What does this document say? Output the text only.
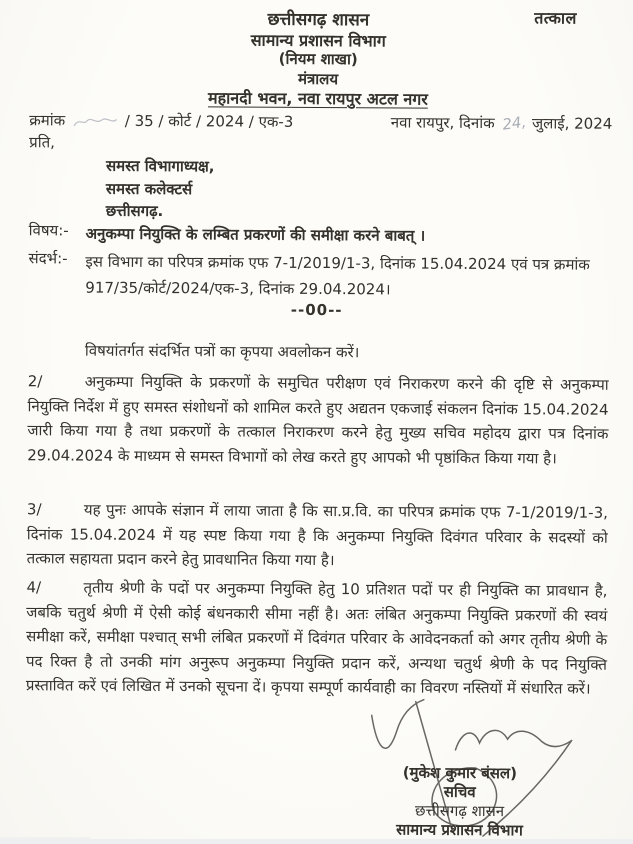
तत्काल
छत्तीसगढ़ शासन
सामान्य प्रशासन विभाग
(नियम शाखा)
मंत्रालय
महानदी भवन, नवा रायपुर अटल नगर
क्रमांक	/ 35 / कोर्ट / 2024 / एक-3	नवा रायपुर, दिनांक 24, जुलाई, 2024
प्रति,
समस्त विभागाध्यक्ष,
समस्त कलेक्टर्स
छत्तीसगढ़.
विषय:- अनुकम्पा नियुक्ति के लम्बित प्रकरणों की समीक्षा करने बाबत् ।
संदर्भ:- इस विभाग का परिपत्र क्रमांक एफ 7-1/2019/1-3, दिनांक 15.04.2024 एवं पत्र क्रमांक 917/35/कोर्ट/2024/एक-3, दिनांक 29.04.2024।
--00--
विषयांतर्गत संदर्भित पत्रों का कृपया अवलोकन करें।
2/	अनुकम्पा नियुक्ति के प्रकरणों के समुचित परीक्षण एवं निराकरण करने की दृष्टि से अनुकम्पा नियुक्ति निर्देश में हुए समस्त संशोधनों को शामिल करते हुए अद्यतन एकजाई संकलन दिनांक 15.04.2024 जारी किया गया है तथा प्रकरणों के तत्काल निराकरण करने हेतु मुख्य सचिव महोदय द्वारा पत्र दिनांक 29.04.2024 के माध्यम से समस्त विभागों को लेख करते हुए आपको भी पृष्ठांकित किया गया है।
3/	यह पुनः आपके संज्ञान में लाया जाता है कि सा.प्र.वि. का परिपत्र क्रमांक एफ 7-1/2019/1-3, दिनांक 15.04.2024 में यह स्पष्ट किया गया है कि अनुकम्पा नियुक्ति दिवंगत परिवार के सदस्यों को तत्काल सहायता प्रदान करने हेतु प्रावधानित किया गया है।
4/	तृतीय श्रेणी के पदों पर अनुकम्पा नियुक्ति हेतु 10 प्रतिशत पदों पर ही नियुक्ति का प्रावधान है, जबकि चतुर्थ श्रेणी में ऐसी कोई बंधनकारी सीमा नहीं है। अतः लंबित अनुकम्पा नियुक्ति प्रकरणों की स्वयं समीक्षा करें, समीक्षा पश्चात् सभी लंबित प्रकरणों में दिवंगत परिवार के आवेदनकर्ता को अगर तृतीय श्रेणी के पद रिक्त है तो उनकी मांग अनुरूप अनुकम्पा नियुक्ति प्रदान करें, अन्यथा चतुर्थ श्रेणी के पद नियुक्ति प्रस्तावित करें एवं लिखित में उनको सूचना दें। कृपया सम्पूर्ण कार्यवाही का विवरण नस्तियों में संधारित करें।
(मुकेश कुमार बंसल)
सचिव
छत्तीसगढ़ शासन
सामान्य प्रशासन विभाग
